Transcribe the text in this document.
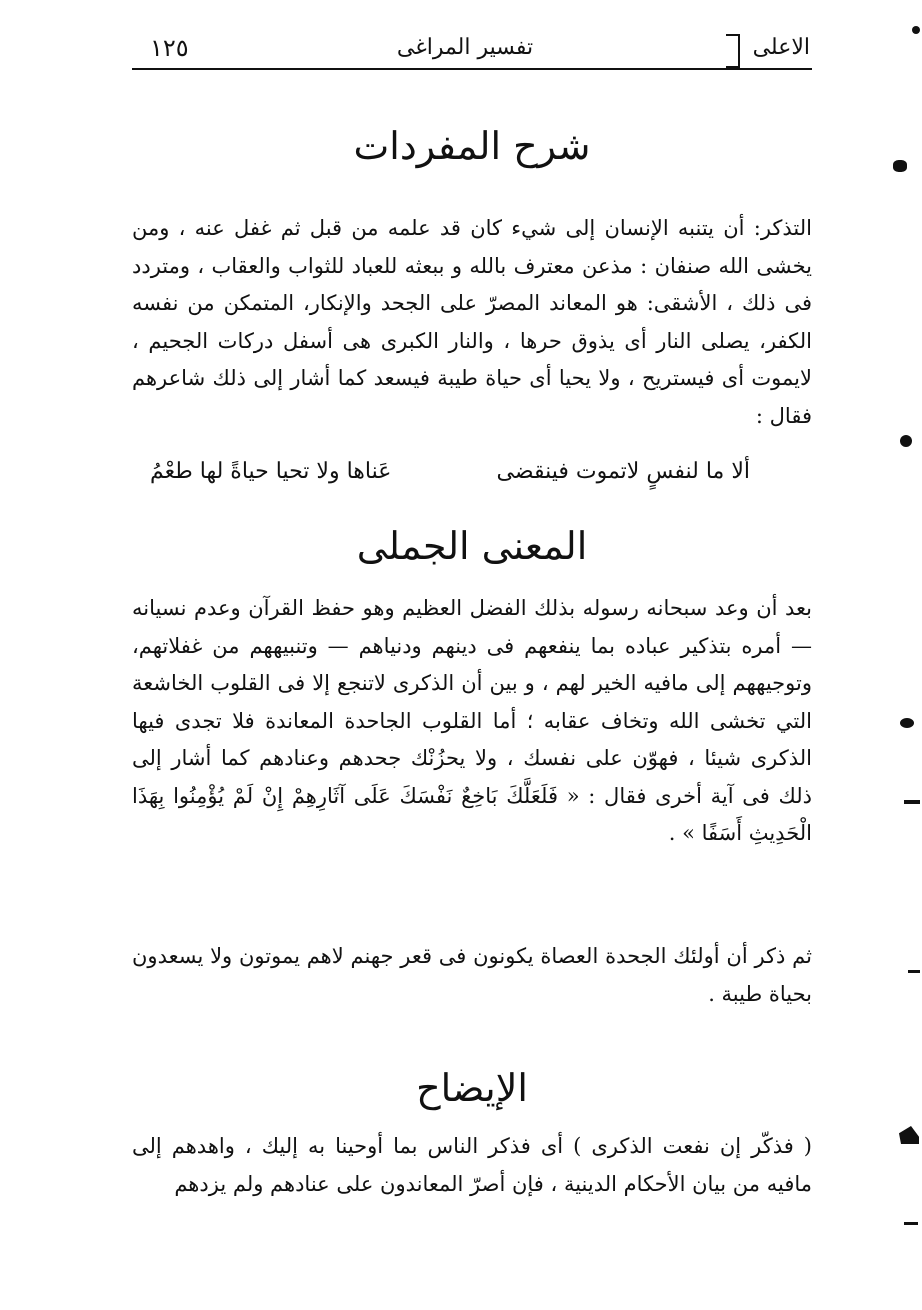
١٢٥	تفسير المراغى	الاعلى
شرح المفردات
التذكر: أن يتنبه الإنسان إلى شيء كان قد علمه من قبل ثم غفل عنه ، ومن يخشى الله صنفان : مذعن معترف بالله و ببعثه للعباد للثواب والعقاب ، ومتردد فى ذلك ، الأشقى: هو المعاند المصرّ على الجحد والإنكار، المتمكن من نفسه الكفر، يصلى النار أى يذوق حرها ، والنار الكبرى هى أسفل دركات الجحيم ، لايموت أى فيستريح ، ولا يحيا أى حياة طيبة فيسعد كما أشار إلى ذلك شاعرهم فقال :
ألا ما لنفسٍ لاتموت فينقضى
عَناها ولا تحيا حياةً لها طعْمُ
المعنى الجملى
بعد أن وعد سبحانه رسوله بذلك الفضل العظيم وهو حفظ القرآن وعدم نسيانه — أمره بتذكير عباده بما ينفعهم فى دينهم ودنياهم — وتنبيههم من غفلاتهم، وتوجيههم إلى مافيه الخير لهم ، و بين أن الذكرى لاتنجع إلا فى القلوب الخاشعة التي تخشى الله وتخاف عقابه ؛ أما القلوب الجاحدة المعاندة فلا تجدى فيها الذكرى شيئا ، فهوّن على نفسك ، ولا يحزُنْك جحدهم وعنادهم كما أشار إلى ذلك فى آية أخرى فقال : « فَلَعَلَّكَ بَاخِعٌ نَفْسَكَ عَلَى آثَارِهِمْ إِنْ لَمْ يُؤْمِنُوا بِهَذَا الْحَدِيثِ أَسَفًا » .
ثم ذكر أن أولئك الجحدة العصاة يكونون فى قعر جهنم لاهم يموتون ولا يسعدون بحياة طيبة .
الإيضاح
( فذكّر إن نفعت الذكرى ) أى فذكر الناس بما أوحينا به إليك ، واهدهم إلى مافيه من بيان الأحكام الدينية ، فإن أصرّ المعاندون على عنادهم ولم يزدهم
